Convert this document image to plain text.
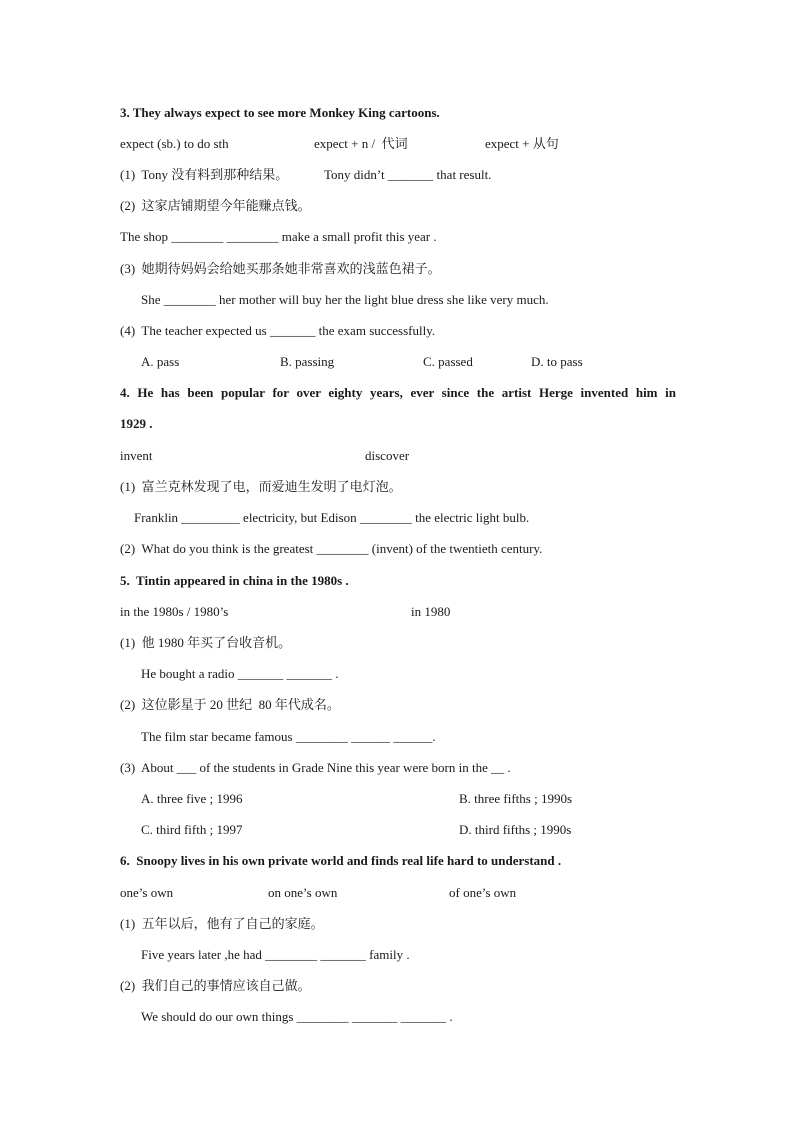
3. They always expect to see more Monkey King cartoons.
expect (sb.) to do sth	expect + n /  代词	expect + 从句
(1)  Tony 没有料到那种结果。           Tony didn’t _______ that result.
(2)  这家店铺期望今年能赚点钱。
The shop ________ ________ make a small profit this year .
(3)  她期待妈妈会给她买那条她非常喜欢的浅蓝色裙子。
She ________ her mother will buy her the light blue dress she like very much.
(4)  The teacher expected us _______ the exam successfully.
A. pass	B. passing	C. passed	D. to pass
4. He has been popular for over eighty years, ever since the artist Herge invented him in
1929 .
invent	discover
(1)  富兰克林发现了电，而爱迪生发明了电灯泡。
Franklin _________ electricity, but Edison ________ the electric light bulb.
(2)  What do you think is the greatest ________ (invent) of the twentieth century.
5.  Tintin appeared in china in the 1980s .
in the 1980s / 1980’s	in 1980
(1)  他 1980 年买了台收音机。
He bought a radio _______ _______ .
(2)  这位影星于 20 世纪  80 年代成名。
The film star became famous ________ ______ ______.
(3)  About ___ of the students in Grade Nine this year were born in the __ .
A. three five ; 1996	B. three fifths ; 1990s
C. third fifth ; 1997	D. third fifths ; 1990s
6.  Snoopy lives in his own private world and finds real life hard to understand .
one’s own	on one’s own	of one’s own
(1)  五年以后，他有了自己的家庭。
Five years later ,he had ________ _______ family .
(2)  我们自己的事情应该自己做。
We should do our own things ________ _______ _______ .
